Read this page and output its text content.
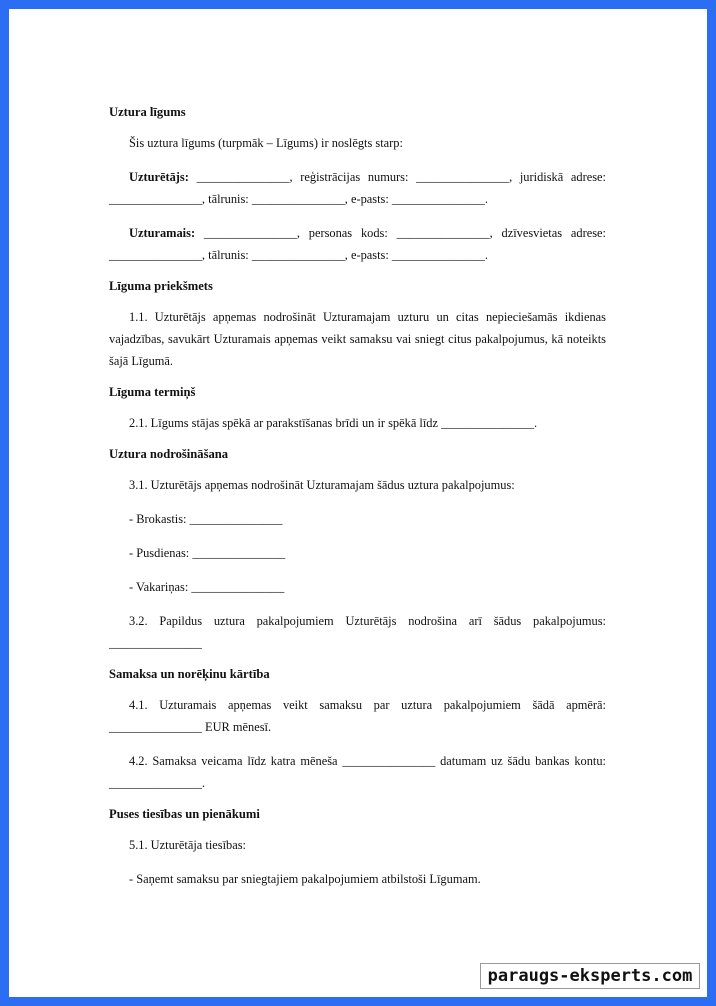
Uztura līgums

Šis uztura līgums (turpmāk – Līgums) ir noslēgts starp:

Uzturētājs: _______________, reģistrācijas numurs: _______________, juridiskā adrese: _______________, tālrunis: _______________, e-pasts: _______________.

Uzturamais: _______________, personas kods: _______________, dzīvesvietas adrese: _______________, tālrunis: _______________, e-pasts: _______________.

Līguma priekšmets

1.1. Uzturētājs apņemas nodrošināt Uzturamajam uzturu un citas nepieciešamās ikdienas vajadzības, savukārt Uzturamais apņemas veikt samaksu vai sniegt citus pakalpojumus, kā noteikts šajā Līgumā.

Līguma termiņš

2.1. Līgums stājas spēkā ar parakstīšanas brīdi un ir spēkā līdz _______________.

Uztura nodrošināšana

3.1. Uzturētājs apņemas nodrošināt Uzturamajam šādus uztura pakalpojumus:

- Brokastis: _______________

- Pusdienas: _______________

- Vakariņas: _______________

3.2. Papildus uztura pakalpojumiem Uzturētājs nodrošina arī šādus pakalpojumus: _______________

Samaksa un norēķinu kārtība

4.1. Uzturamais apņemas veikt samaksu par uztura pakalpojumiem šādā apmērā: _______________ EUR mēnesī.

4.2. Samaksa veicama līdz katra mēneša _______________ datumam uz šādu bankas kontu: _______________.

Puses tiesības un pienākumi

5.1. Uzturētāja tiesības:

- Saņemt samaksu par sniegtajiem pakalpojumiem atbilstoši Līgumam.

paraugs-eksperts.com
